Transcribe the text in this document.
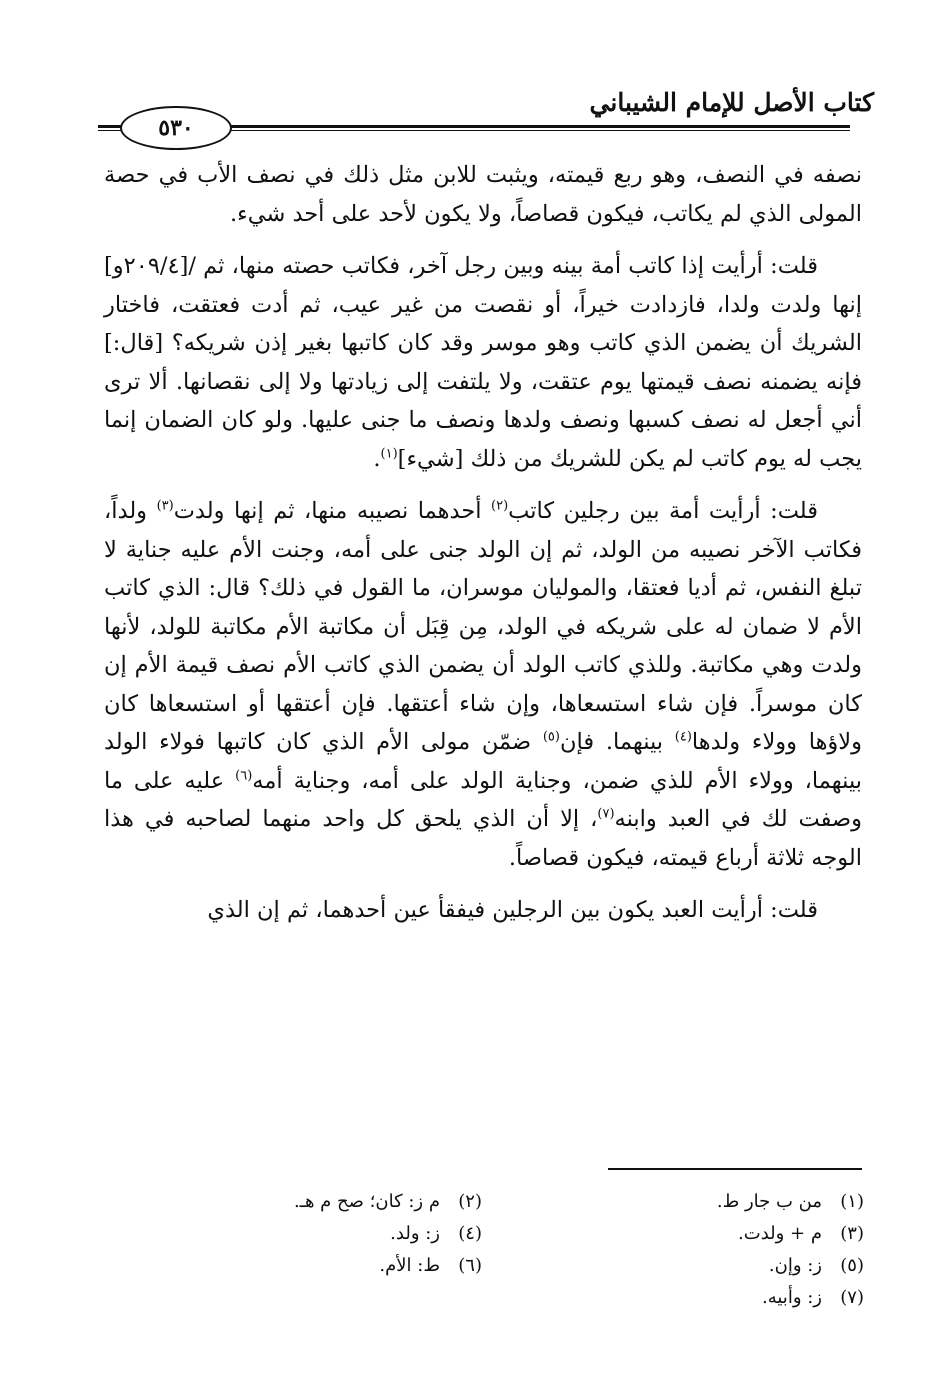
كتاب الأصل للإمام الشيباني
٥٣٠

نصفه في النصف، وهو ربع قيمته، ويثبت للابن مثل ذلك في نصف الأب في حصة المولى الذي لم يكاتب، فيكون قصاصاً، ولا يكون لأحد على أحد شيء.

قلت: أرأيت إذا كاتب أمة بينه وبين رجل آخر، فكاتب حصته منها، ثم /[٢٠٩/٤و] إنها ولدت ولدا، فازدادت خيراً، أو نقصت من غير عيب، ثم أدت فعتقت، فاختار الشريك أن يضمن الذي كاتب وهو موسر وقد كان كاتبها بغير إذن شريكه؟ [قال:] فإنه يضمنه نصف قيمتها يوم عتقت، ولا يلتفت إلى زيادتها ولا إلى نقصانها. ألا ترى أني أجعل له نصف كسبها ونصف ولدها ونصف ما جنى عليها. ولو كان الضمان إنما يجب له يوم كاتب لم يكن للشريك من ذلك [شيء]$^{(١)}$.

قلت: أرأيت أمة بين رجلين كاتب$^{(٢)}$ أحدهما نصيبه منها، ثم إنها ولدت$^{(٣)}$ ولداً، فكاتب الآخر نصيبه من الولد، ثم إن الولد جنى على أمه، وجنت الأم عليه جناية لا تبلغ النفس، ثم أديا فعتقا، والموليان موسران، ما القول في ذلك؟ قال: الذي كاتب الأم لا ضمان له على شريكه في الولد، مِن قِبَل أن مكاتبة الأم مكاتبة للولد، لأنها ولدت وهي مكاتبة. وللذي كاتب الولد أن يضمن الذي كاتب الأم نصف قيمة الأم إن كان موسراً. فإن شاء استسعاها، وإن شاء أعتقها. فإن أعتقها أو استسعاها كان ولاؤها وولاء ولدها$^{(٤)}$ بينهما. فإن$^{(٥)}$ ضمّن مولى الأم الذي كان كاتبها فولاء الولد بينهما، وولاء الأم للذي ضمن، وجناية الولد على أمه، وجناية أمه$^{(٦)}$ عليه على ما وصفت لك في العبد وابنه$^{(٧)}$، إلا أن الذي يلحق كل واحد منهما لصاحبه في هذا الوجه ثلاثة أرباع قيمته، فيكون قصاصاً.

قلت: أرأيت العبد يكون بين الرجلين فيفقأ عين أحدهما، ثم إن الذي

(١)من ب جار ط.
(٢)م ز: كان؛ صح م هـ.
(٣)م + ولدت.
(٤)ز: ولد.
(٥)ز: وإن.
(٦)ط: الأم.
(٧)ز: وأبيه.
